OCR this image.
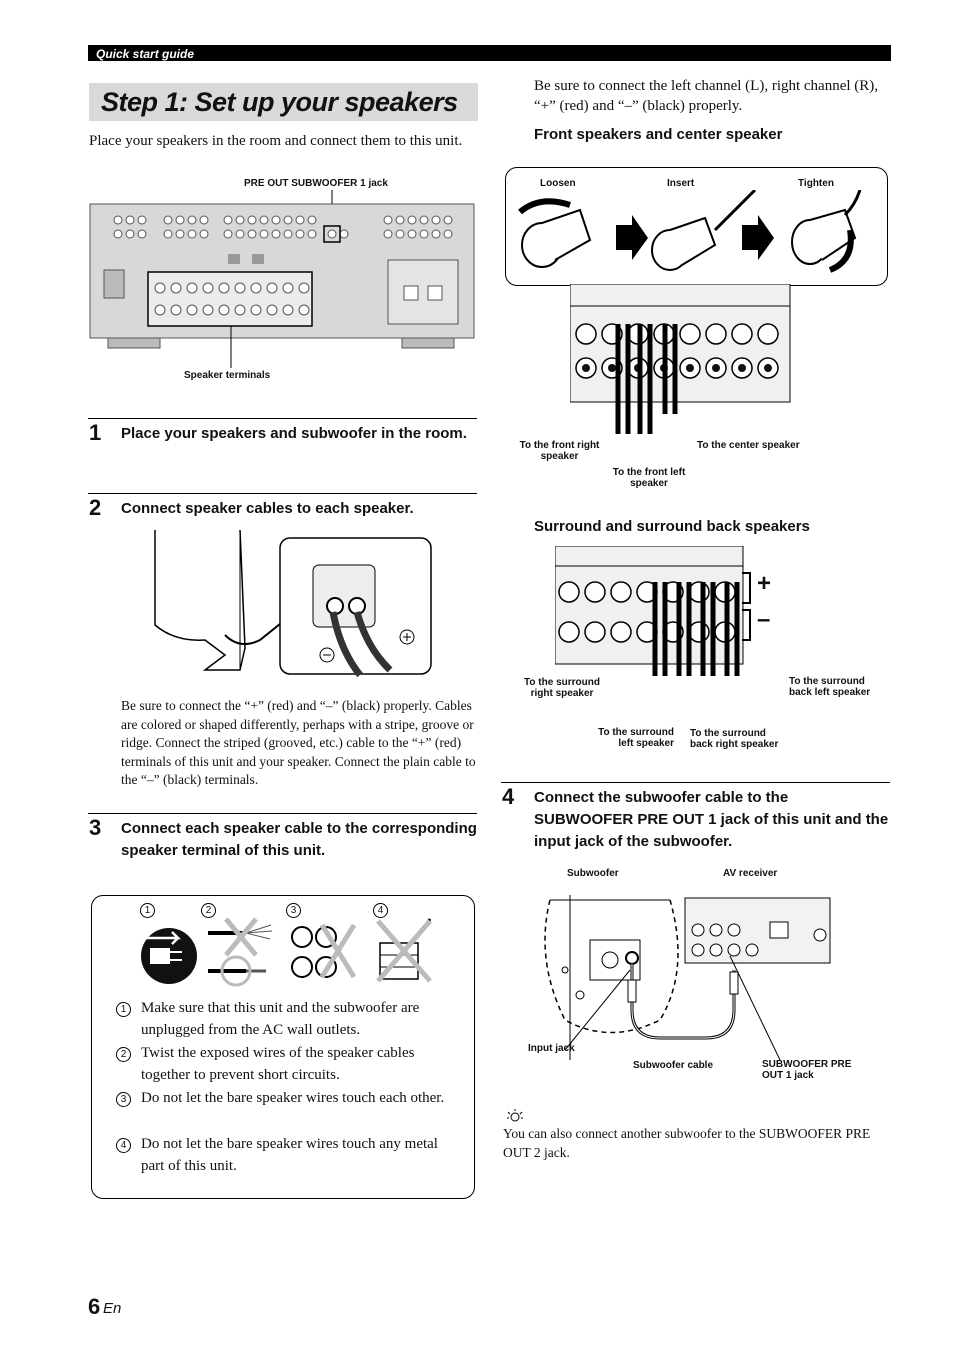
Quick start guide
Step 1: Set up your speakers
Place your speakers in the room and connect them to this unit.
PRE OUT SUBWOOFER 1 jack
Speaker terminals
1 Place your speakers and subwoofer in the room.
2 Connect speaker cables to each speaker.
Be sure to connect the “+” (red) and “–” (black) properly. Cables are colored or shaped differently, perhaps with a stripe, groove or ridge. Connect the striped (grooved, etc.) cable to the “+” (red) terminals of this unit and your speaker. Connect the plain cable to the “–” (black) terminals.
3 Connect each speaker cable to the corresponding speaker terminal of this unit.
1	2	3	4
1 Make sure that this unit and the subwoofer are unplugged from the AC wall outlets.
2 Twist the exposed wires of the speaker cables together to prevent short circuits.
3 Do not let the bare speaker wires touch each other.
4 Do not let the bare speaker wires touch any metal part of this unit.
Be sure to connect the left channel (L), right channel (R), “+” (red) and “–” (black) properly.
Front speakers and center speaker
Loosen	Insert	Tighten
To the front right speaker
To the front left speaker
To the center speaker
Surround and surround back speakers
+
–
To the surround right speaker
To the surround left speaker
To the surround back right speaker
To the surround back left speaker
4 Connect the subwoofer cable to the SUBWOOFER PRE OUT 1 jack of this unit and the input jack of the subwoofer.
Subwoofer	AV receiver
Input jack
Subwoofer cable	SUBWOOFER PRE OUT 1 jack
You can also connect another subwoofer to the SUBWOOFER PRE OUT 2 jack.
6 En
